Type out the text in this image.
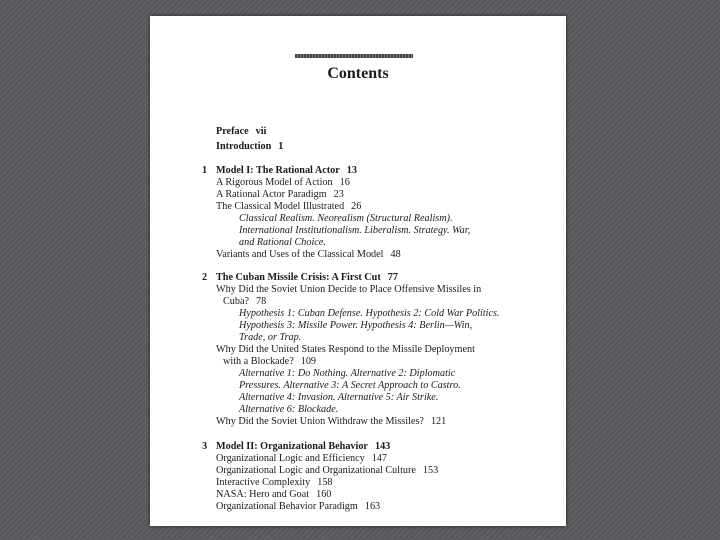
Contents
Preface vii
Introduction 1
1 Model I: The Rational Actor 13
A Rigorous Model of Action 16
A Rational Actor Paradigm 23
The Classical Model Illustrated 26
Classical Realism. Neorealism (Structural Realism).
International Institutionalism. Liberalism. Strategy. War,
and Rational Choice.
Variants and Uses of the Classical Model 48
2 The Cuban Missile Crisis: A First Cut 77
Why Did the Soviet Union Decide to Place Offensive Missiles in
Cuba? 78
Hypothesis 1: Cuban Defense. Hypothesis 2: Cold War Politics.
Hypothesis 3: Missile Power. Hypothesis 4: Berlin—Win,
Trade, or Trap.
Why Did the United States Respond to the Missile Deployment
with a Blockade? 109
Alternative 1: Do Nothing. Alternative 2: Diplomatic
Pressures. Alternative 3: A Secret Approach to Castro.
Alternative 4: Invasion. Alternative 5: Air Strike.
Alternative 6: Blockade.
Why Did the Soviet Union Withdraw the Missiles? 121
3 Model II: Organizational Behavior 143
Organizational Logic and Efficiency 147
Organizational Logic and Organizational Culture 153
Interactive Complexity 158
NASA: Hero and Goat 160
Organizational Behavior Paradigm 163
